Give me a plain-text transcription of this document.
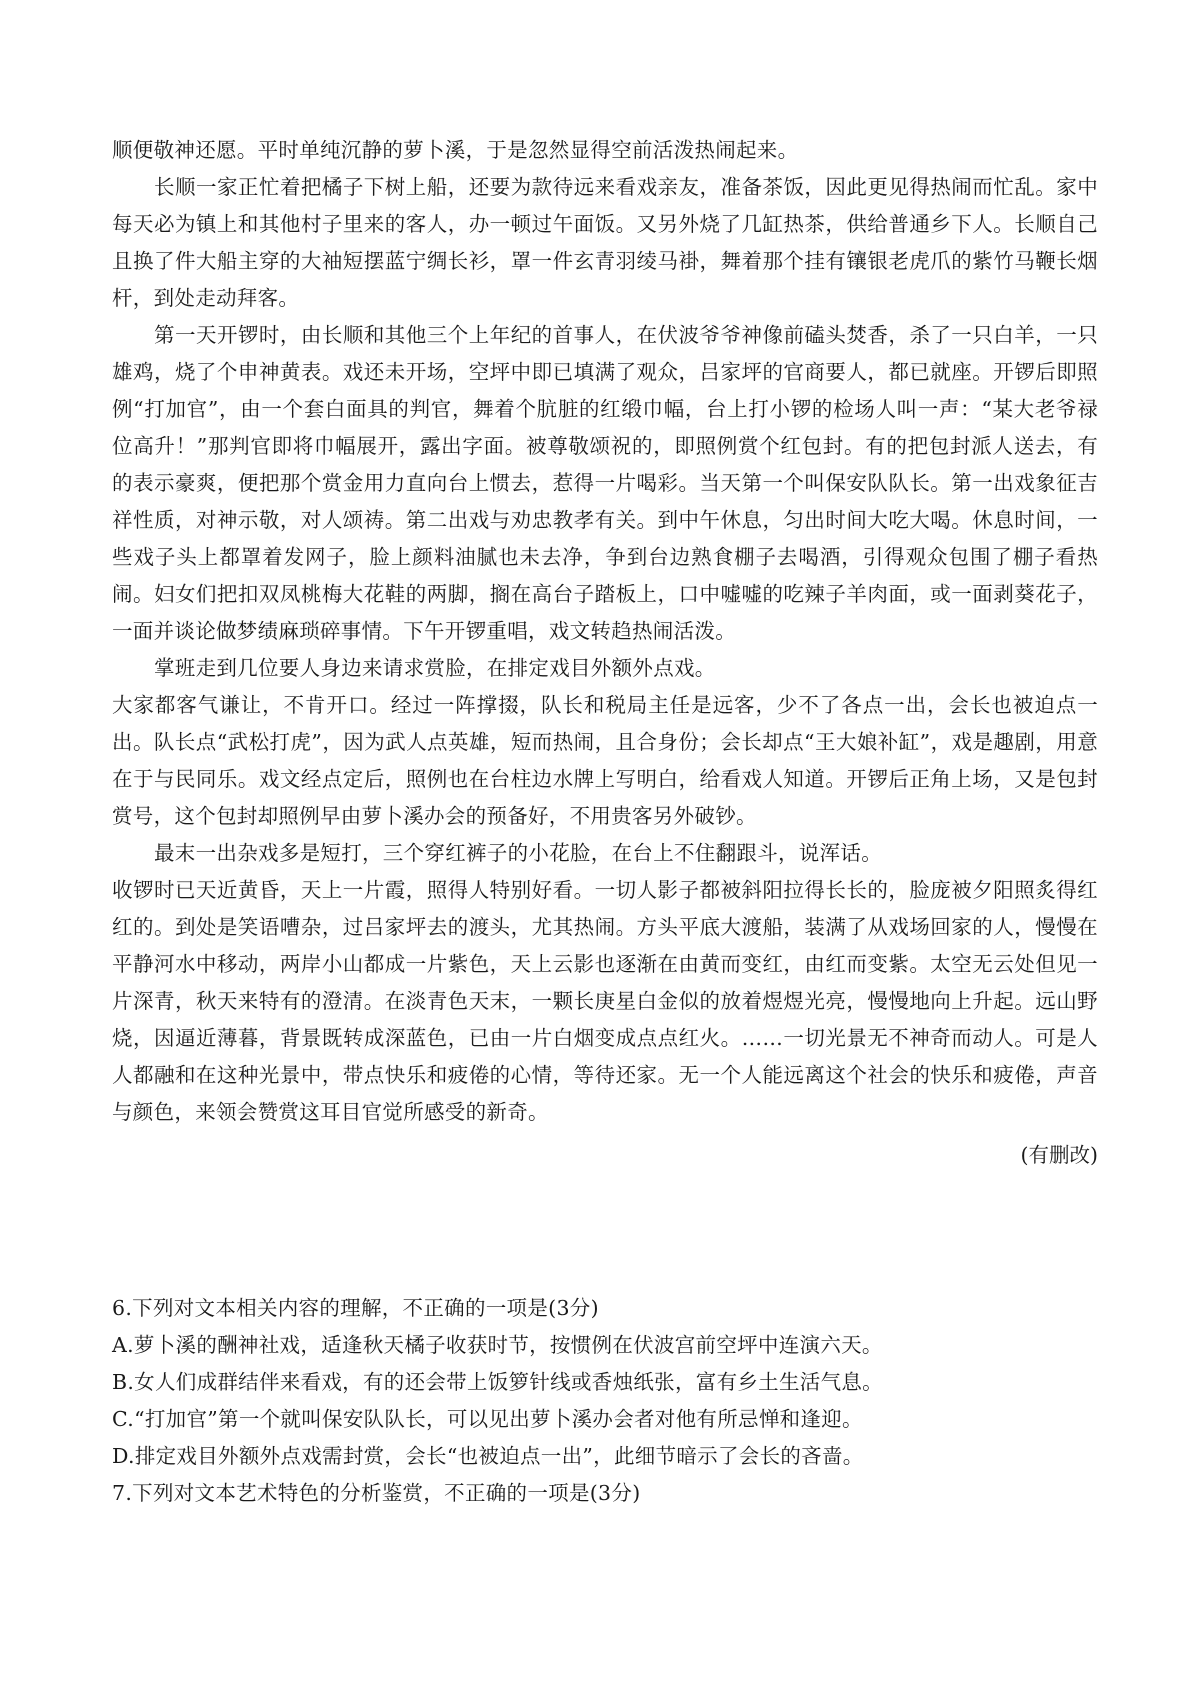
顺便敬神还愿。平时单纯沉静的萝卜溪，于是忽然显得空前活泼热闹起来。

长顺一家正忙着把橘子下树上船，还要为款待远来看戏亲友，准备茶饭，因此更见得热闹而忙乱。家中每天必为镇上和其他村子里来的客人，办一顿过午面饭。又另外烧了几缸热茶，供给普通乡下人。长顺自己且换了件大船主穿的大袖短摆蓝宁绸长衫，罩一件玄青羽绫马褂，舞着那个挂有镶银老虎爪的紫竹马鞭长烟杆，到处走动拜客。

第一天开锣时，由长顺和其他三个上年纪的首事人，在伏波爷爷神像前磕头焚香，杀了一只白羊，一只雄鸡，烧了个申神黄表。戏还未开场，空坪中即已填满了观众，吕家坪的官商要人，都已就座。开锣后即照例“打加官”，由一个套白面具的判官，舞着个肮脏的红缎巾幅，台上打小锣的检场人叫一声：“某大老爷禄位高升！”那判官即将巾幅展开，露出字面。被尊敬颂祝的，即照例赏个红包封。有的把包封派人送去，有的表示豪爽，便把那个赏金用力直向台上惯去，惹得一片喝彩。当天第一个叫保安队队长。第一出戏象征吉祥性质，对神示敬，对人颂祷。第二出戏与劝忠教孝有关。到中午休息，匀出时间大吃大喝。休息时间，一些戏子头上都罩着发网子，脸上颜料油腻也未去净，争到台边熟食棚子去喝酒，引得观众包围了棚子看热闹。妇女们把扣双凤桃梅大花鞋的两脚，搁在高台子踏板上，口中嘘嘘的吃辣子羊肉面，或一面剥葵花子，一面并谈论做梦绩麻琐碎事情。下午开锣重唱，戏文转趋热闹活泼。

掌班走到几位要人身边来请求赏脸，在排定戏目外额外点戏。

大家都客气谦让，不肯开口。经过一阵撑掇，队长和税局主任是远客，少不了各点一出，会长也被迫点一出。队长点“武松打虎”，因为武人点英雄，短而热闹，且合身份；会长却点“王大娘补缸”，戏是趣剧，用意在于与民同乐。戏文经点定后，照例也在台柱边水牌上写明白，给看戏人知道。开锣后正角上场，又是包封赏号，这个包封却照例早由萝卜溪办会的预备好，不用贵客另外破钞。

最末一出杂戏多是短打，三个穿红裤子的小花脸，在台上不住翻跟斗，说浑话。

收锣时已天近黄昏，天上一片霞，照得人特别好看。一切人影子都被斜阳拉得长长的，脸庞被夕阳照炙得红红的。到处是笑语嘈杂，过吕家坪去的渡头，尤其热闹。方头平底大渡船，装满了从戏场回家的人，慢慢在平静河水中移动，两岸小山都成一片紫色，天上云影也逐渐在由黄而变红，由红而变紫。太空无云处但见一片深青，秋天来特有的澄清。在淡青色天末，一颗长庚星白金似的放着煜煜光亮，慢慢地向上升起。远山野烧，因逼近薄暮，背景既转成深蓝色，已由一片白烟变成点点红火。……一切光景无不神奇而动人。可是人人都融和在这种光景中，带点快乐和疲倦的心情，等待还家。无一个人能远离这个社会的快乐和疲倦，声音与颜色，来领会赞赏这耳目官觉所感受的新奇。

(有删改)

6.下列对文本相关内容的理解，不正确的一项是(3分)

A.萝卜溪的酬神社戏，适逢秋天橘子收获时节，按惯例在伏波宫前空坪中连演六天。

B.女人们成群结伴来看戏，有的还会带上饭箩针线或香烛纸张，富有乡土生活气息。

C.“打加官”第一个就叫保安队队长，可以见出萝卜溪办会者对他有所忌惮和逢迎。

D.排定戏目外额外点戏需封赏，会长“也被迫点一出”，此细节暗示了会长的吝啬。

7.下列对文本艺术特色的分析鉴赏，不正确的一项是(3分)
